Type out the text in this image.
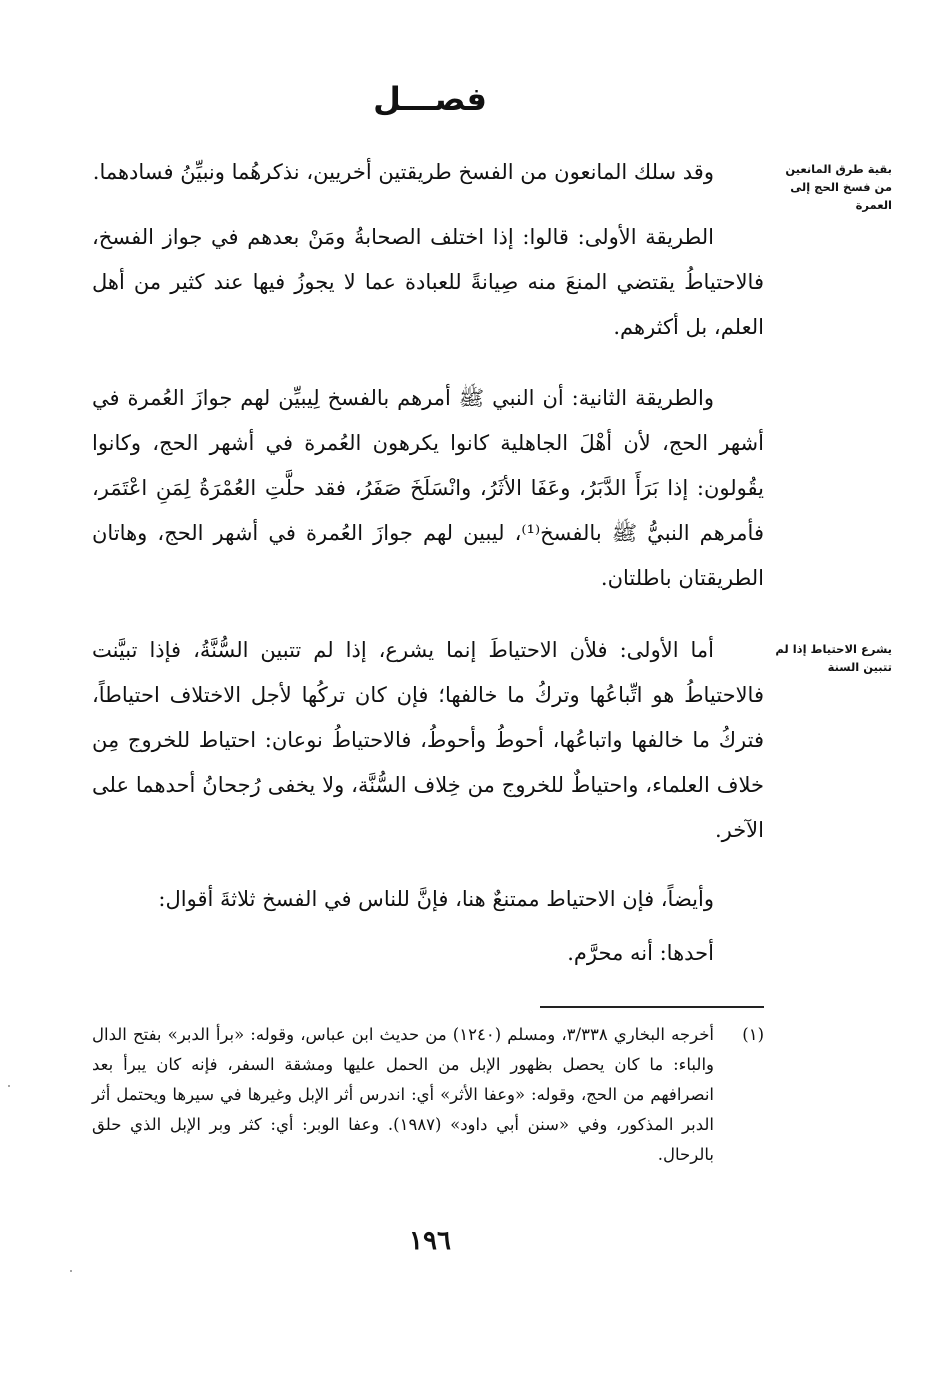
فصـــل
بقية طرق المانعين من فسخ الحج إلى العمرة
يشرع الاحتياط إذا لم تتبين السنة

وقد سلك المانعون من الفسخ طريقتين أخريين، نذكرهُما ونبيِّنُ فسادهما.

الطريقة الأولى: قالوا: إذا اختلف الصحابةُ ومَنْ بعدهم في جواز الفسخ، فالاحتياطُ يقتضي المنعَ منه صِيانةً للعبادة عما لا يجوزُ فيها عند كثير من أهل العلم، بل أكثرهم.

والطريقة الثانية: أن النبي ﷺ أمرهم بالفسخ لِيبيِّن لهم جوازَ العُمرة في أشهر الحج، لأن أهْلَ الجاهلية كانوا يكرهون العُمرة في أشهر الحج، وكانوا يقُولون: إذا بَرَأَ الدَّبَرُ، وعَفَا الأثَرُ، وانْسَلَخَ صَفَرُ، فقد حلَّتِ العُمْرَةُ لِمَنِ اعْتَمَر، فأمرهم النبيُّ ﷺ بالفسخ⁽¹⁾، ليبين لهم جوازَ العُمرة في أشهر الحج، وهاتان الطريقتان باطلتان.

أما الأولى: فلأن الاحتياطَ إنما يشرع، إذا لم تتبين السُّنَّةُ، فإذا تبيَّنت فالاحتياطُ هو اتِّباعُها وتركُ ما خالفها؛ فإن كان تركُها لأجل الاختلاف احتياطاً، فتركُ ما خالفها واتباعُها، أحوطُ وأحوطُ، فالاحتياطُ نوعان: احتياط للخروج مِن خلاف العلماء، واحتياطٌ للخروج من خِلاف السُّنَّة، ولا يخفى رُجحانُ أحدهما على الآخر.

وأيضاً، فإن الاحتياط ممتنعٌ هنا، فإنَّ للناس في الفسخ ثلاثةَ أقوال:

أحدها: أنه محرَّم.

(١)
أخرجه البخاري ٣/٣٣٨، ومسلم (١٢٤٠) من حديث ابن عباس، وقوله: «برأ الدبر» بفتح الدال والباء: ما كان يحصل بظهور الإبل من الحمل عليها ومشقة السفر، فإنه كان يبرأ بعد انصرافهم من الحج، وقوله: «وعفا الأثر» أي: اندرس أثر الإبل وغيرها في سيرها ويحتمل أثر الدبر المذكور، وفي «سنن أبي داود» (١٩٨٧). وعفا الوبر: أي: كثر وبر الإبل الذي حلق بالرحال.
١٩٦
